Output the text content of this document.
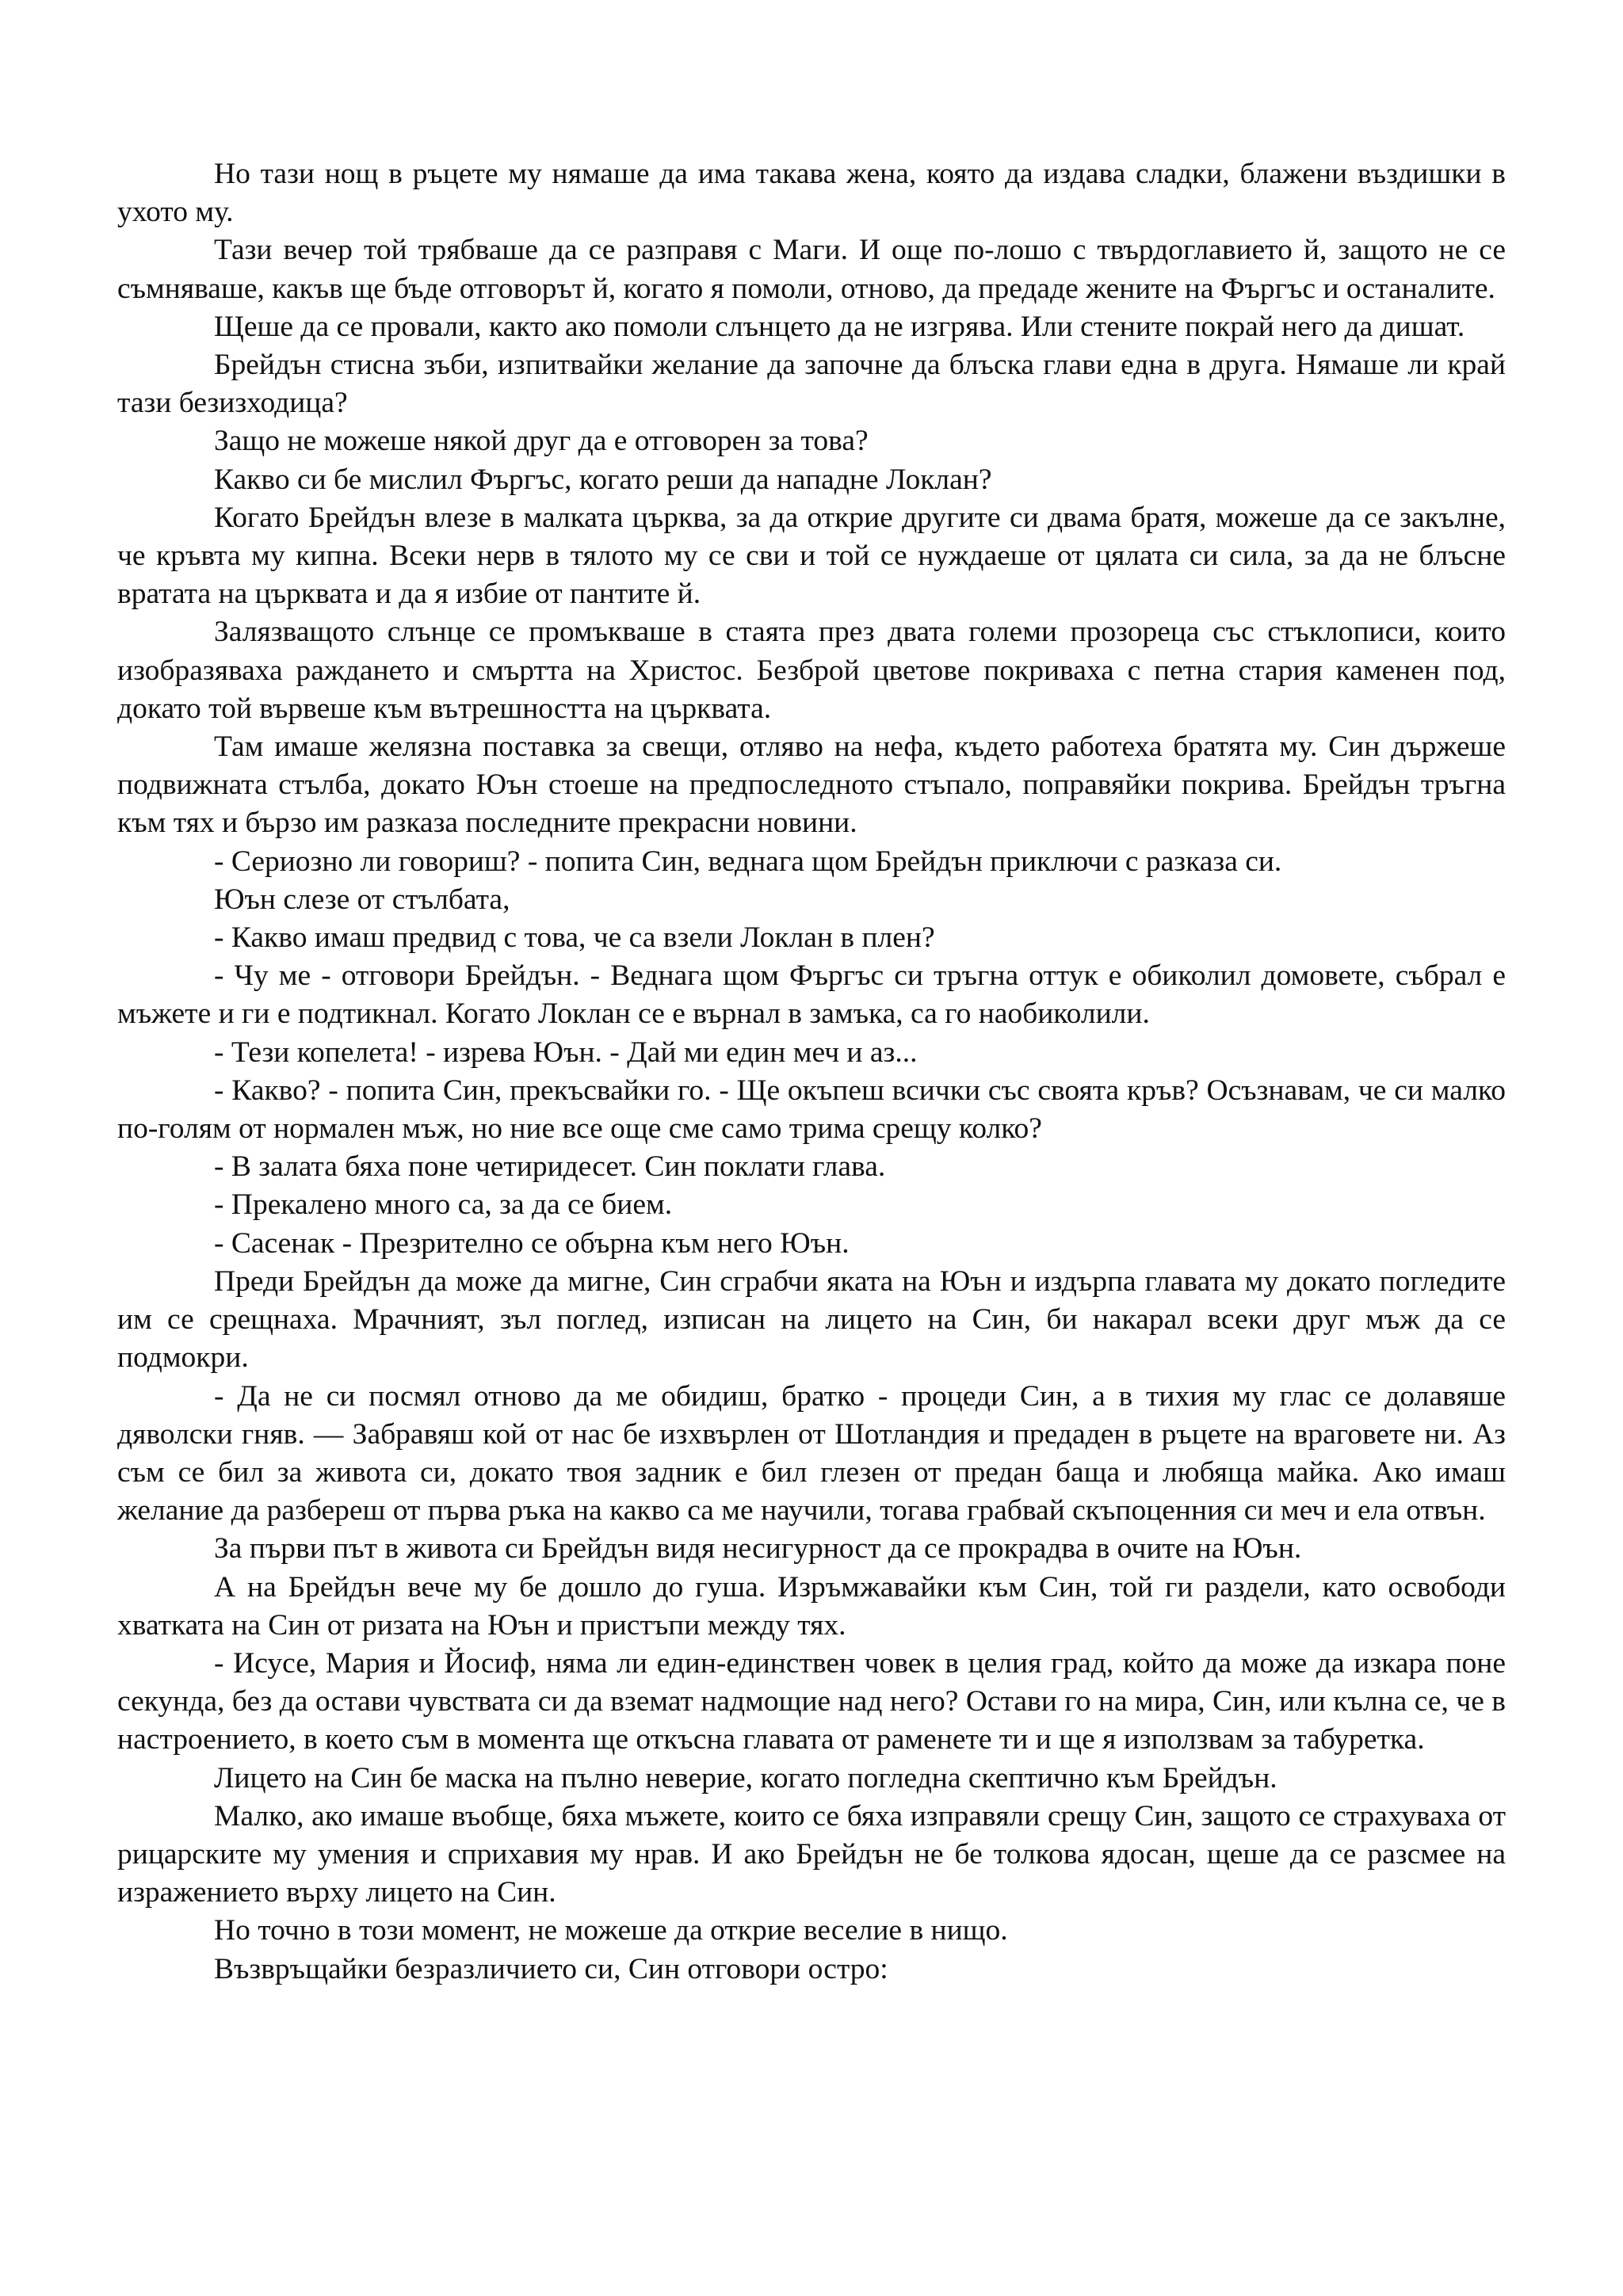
Но тази нощ в ръцете му нямаше да има такава жена, която да издава сладки, блажени въздишки в ухото му.

Тази вечер той трябваше да се разправя с Маги. И още по-лошо с твърдоглавието й, защото не се съмняваше, какъв ще бъде отговорът й, когато я помоли, отново, да предаде жените на Фъргъс и останалите.

Щеше да се провали, както ако помоли слънцето да не изгрява. Или стените покрай него да дишат.

Брейдън стисна зъби, изпитвайки желание да започне да блъска глави една в друга. Нямаше ли край тази безизходица?

Защо не можеше някой друг да е отговорен за това?

Какво си бе мислил Фъргъс, когато реши да нападне Локлан?

Когато Брейдън влезе в малката църква, за да открие другите си двама братя, можеше да се закълне, че кръвта му кипна. Всеки нерв в тялото му се сви и той се нуждаеше от цялата си сила, за да не блъсне вратата на църквата и да я избие от пантите й.

Залязващото слънце се промъкваше в стаята през двата големи прозореца със стъклописи, които изобразяваха раждането и смъртта на Христос. Безброй цветове покриваха с петна стария каменен под, докато той вървеше към вътрешността на църквата.

Там имаше желязна поставка за свещи, отляво на нефа, където работеха братята му. Син държеше подвижната стълба, докато Юън стоеше на предпоследното стъпало, поправяйки покрива. Брейдън тръгна към тях и бързо им разказа последните прекрасни новини.

- Сериозно ли говориш? - попита Син, веднага щом Брейдън приключи с разказа си.

Юън слезе от стълбата,

- Какво имаш предвид с това, че са взели Локлан в плен?

- Чу ме - отговори Брейдън. - Веднага щом Фъргъс си тръгна оттук е обиколил домовете, събрал е мъжете и ги е подтикнал. Когато Локлан се е върнал в замъка, са го наобиколили.

- Тези копелета! - изрева Юън. - Дай ми един меч и аз...

- Какво? - попита Син, прекъсвайки го. - Ще окъпеш всички със своята кръв? Осъзнавам, че си малко по-голям от нормален мъж, но ние все още сме само трима срещу колко?

- В залата бяха поне четиридесет. Син поклати глава.

- Прекалено много са, за да се бием.

- Сасенак - Презрително се обърна към него Юън.

Преди Брейдън да може да мигне, Син сграбчи яката на Юън и издърпа главата му докато погледите им се срещнаха. Мрачният, зъл поглед, изписан на лицето на Син, би накарал всеки друг мъж да се подмокри.

- Да не си посмял отново да ме обидиш, братко - процеди Син, а в тихия му глас се долавяше дяволски гняв. — Забравяш кой от нас бе изхвърлен от Шотландия и предаден в ръцете на враговете ни. Аз съм се бил за живота си, докато твоя задник е бил глезен от предан баща и любяща майка. Ако имаш желание да разбереш от първа ръка на какво са ме научили, тогава грабвай скъпоценния си меч и ела отвън.

За първи път в живота си Брейдън видя несигурност да се прокрадва в очите на Юън.

А на Брейдън вече му бе дошло до гуша. Изръмжавайки към Син, той ги раздели, като освободи хватката на Син от ризата на Юън и пристъпи между тях.

- Исусе, Мария и Йосиф, няма ли един-единствен човек в целия град, който да може да изкара поне секунда, без да остави чувствата си да вземат надмощие над него? Остави го на мира, Син, или кълна се, че в настроението, в което съм в момента ще откъсна главата от раменете ти и ще я използвам за табуретка.

Лицето на Син бе маска на пълно неверие, когато погледна скептично към Брейдън.

Малко, ако имаше въобще, бяха мъжете, които се бяха изправяли срещу Син, защото се страхуваха от рицарските му умения и сприхавия му нрав. И ако Брейдън не бе толкова ядосан, щеше да се разсмее на изражението върху лицето на Син.

Но точно в този момент, не можеше да открие веселие в нищо.

Възвръщайки безразличието си, Син отговори остро:
